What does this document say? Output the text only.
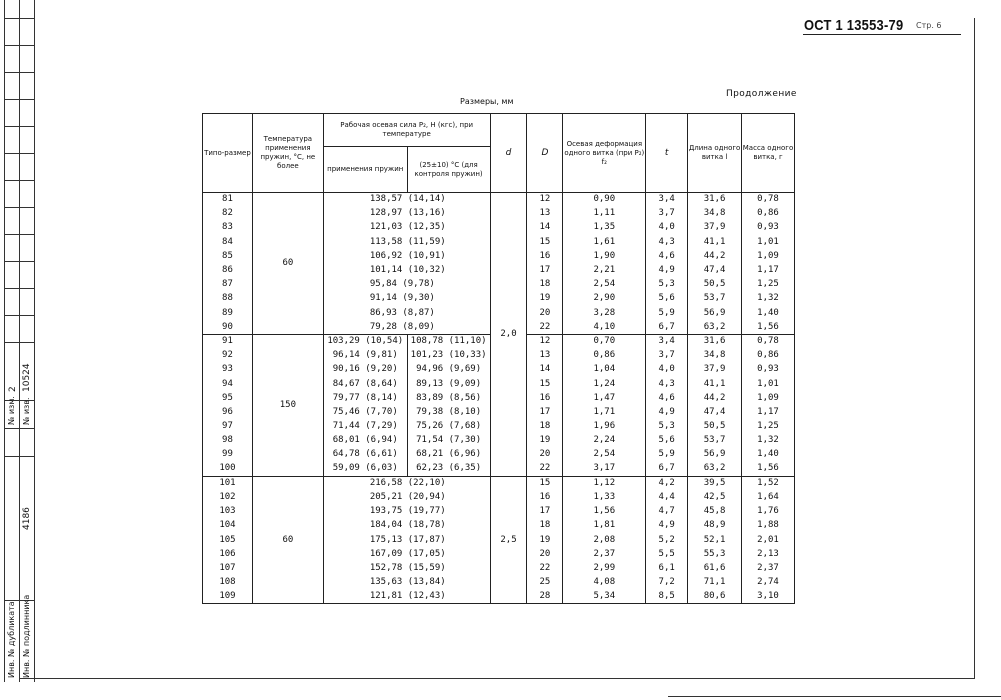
№ изм. № изв.
2 10524
4186
Инв. № дубликата Инв. № подлинника
ОСТ 1 13553-79 Стр. 6
Продолжение
Размеры, мм
Типо-размер	Температура применения пружин, °С, не более	Рабочая осевая сила P₂, Н (кгс), при температуре		d	D	Осевая деформация одного витка (при P₂) f₂	t	Длина одного витка l	Масса одного витка, г
		применения пружин	(25±10) °С (для контроля пружин)						
81	60	138,57 (14,14)		2,0	12	0,90	3,4	31,6	0,78
82		128,97 (13,16)			13	1,11	3,7	34,8	0,86
83		121,03 (12,35)			14	1,35	4,0	37,9	0,93
84		113,58 (11,59)			15	1,61	4,3	41,1	1,01
85		106,92 (10,91)			16	1,90	4,6	44,2	1,09
86		101,14 (10,32)			17	2,21	4,9	47,4	1,17
87		95,84 (9,78)			18	2,54	5,3	50,5	1,25
88		91,14 (9,30)			19	2,90	5,6	53,7	1,32
89		86,93 (8,87)			20	3,28	5,9	56,9	1,40
90		79,28 (8,09)			22	4,10	6,7	63,2	1,56
91	150	103,29 (10,54)	108,78 (11,10)		12	0,70	3,4	31,6	0,78
92		96,14 (9,81)	101,23 (10,33)		13	0,86	3,7	34,8	0,86
93		90,16 (9,20)	94,96 (9,69)		14	1,04	4,0	37,9	0,93
94		84,67 (8,64)	89,13 (9,09)		15	1,24	4,3	41,1	1,01
95		79,77 (8,14)	83,89 (8,56)		16	1,47	4,6	44,2	1,09
96		75,46 (7,70)	79,38 (8,10)		17	1,71	4,9	47,4	1,17
97		71,44 (7,29)	75,26 (7,68)		18	1,96	5,3	50,5	1,25
98		68,01 (6,94)	71,54 (7,30)		19	2,24	5,6	53,7	1,32
99		64,78 (6,61)	68,21 (6,96)		20	2,54	5,9	56,9	1,40
100		59,09 (6,03)	62,23 (6,35)		22	3,17	6,7	63,2	1,56
101	60	216,58 (22,10)		2,5	15	1,12	4,2	39,5	1,52
102		205,21 (20,94)			16	1,33	4,4	42,5	1,64
103		193,75 (19,77)			17	1,56	4,7	45,8	1,76
104		184,04 (18,78)			18	1,81	4,9	48,9	1,88
105		175,13 (17,87)			19	2,08	5,2	52,1	2,01
106		167,09 (17,05)			20	2,37	5,5	55,3	2,13
107		152,78 (15,59)			22	2,99	6,1	61,6	2,37
108		135,63 (13,84)			25	4,08	7,2	71,1	2,74
109		121,81 (12,43)			28	5,34	8,5	80,6	3,10
